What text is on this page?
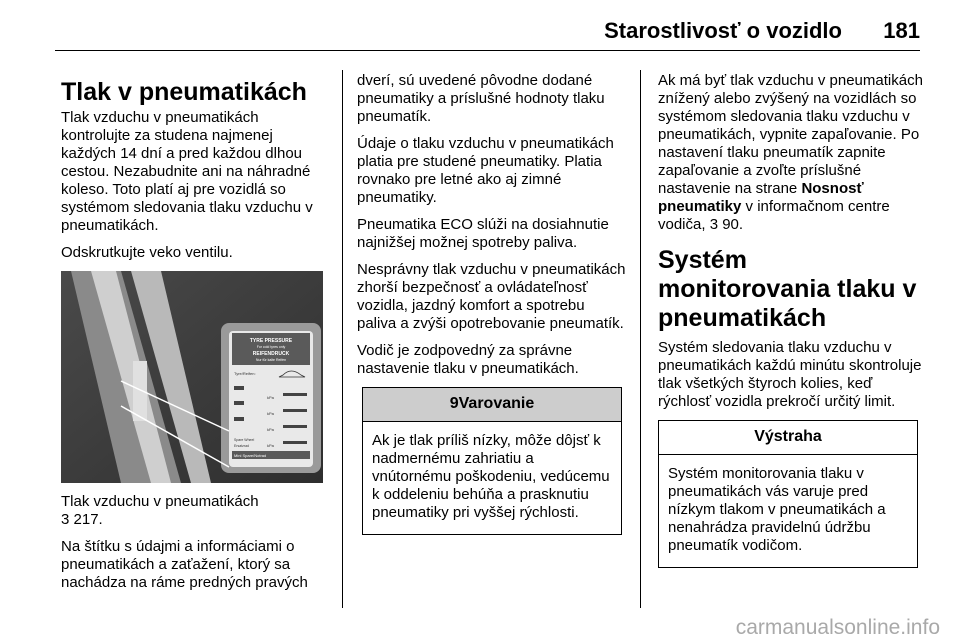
Starostlivosť o vozidlo 181
Tlak v pneumatikách

Tlak vzduchu v pneumatikách kontrolujte za studena najmenej každých 14 dní a pred každou dlhou cestou. Nezabudnite ani na náhradné koleso. Toto platí aj pre vozidlá so systémom sledovania tlaku vzduchu v pneumatikách.

Odskrutkujte veko ventilu.

TYRE PRESSURE
For cold tyres only
REIFENDRUCK
Nur für kalte Reifen
Tyre/Reifen:
kPa
kPa
kPa
Spare Wheel
Ersatzrad	kPa
Mini Spare/Notrad

Tlak vzduchu v pneumatikách

3 217.

Na štítku s údajmi a informáciami o pneumatikách a zaťažení, ktorý sa nachádza na ráme predných pravých

dverí, sú uvedené pôvodne dodané pneumatiky a príslušné hodnoty tlaku pneumatík.

Údaje o tlaku vzduchu v pneumatikách platia pre studené pneumatiky. Platia rovnako pre letné ako aj zimné pneumatiky.

Pneumatika ECO slúži na dosiahnutie najnižšej možnej spotreby paliva.

Nesprávny tlak vzduchu v pneumatikách zhorší bezpečnosť a ovládateľnosť vozidla, jazdný komfort a spotrebu paliva a zvýši opotrebovanie pneumatík.

Vodič je zodpovedný za správne nastavenie tlaku v pneumatikách.

9Varovanie
Ak je tlak príliš nízky, môže dôjsť k nadmernému zahriatiu a vnútornému poškodeniu, vedúcemu k oddeleniu behúňa a prasknutiu pneumatiky pri vyššej rýchlosti.

Ak má byť tlak vzduchu v pneumatikách znížený alebo zvýšený na vozidlách so systémom sledovania tlaku vzduchu v pneumatikách, vypnite zapaľovanie. Po nastavení tlaku pneumatík zapnite zapaľovanie a zvoľte príslušné nastavenie na strane Nosnosť pneumatiky v informačnom centre vodiča, 3 90.

Systém monitorovania tlaku v pneumatikách

Systém sledovania tlaku vzduchu v pneumatikách každú minútu skontroluje tlak všetkých štyroch kolies, keď rýchlosť vozidla prekročí určitý limit.

Výstraha
Systém monitorovania tlaku v pneumatikách vás varuje pred nízkym tlakom v pneumatikách a nenahrádza pravidelnú údržbu pneumatík vodičom.
carmanualsonline.info
